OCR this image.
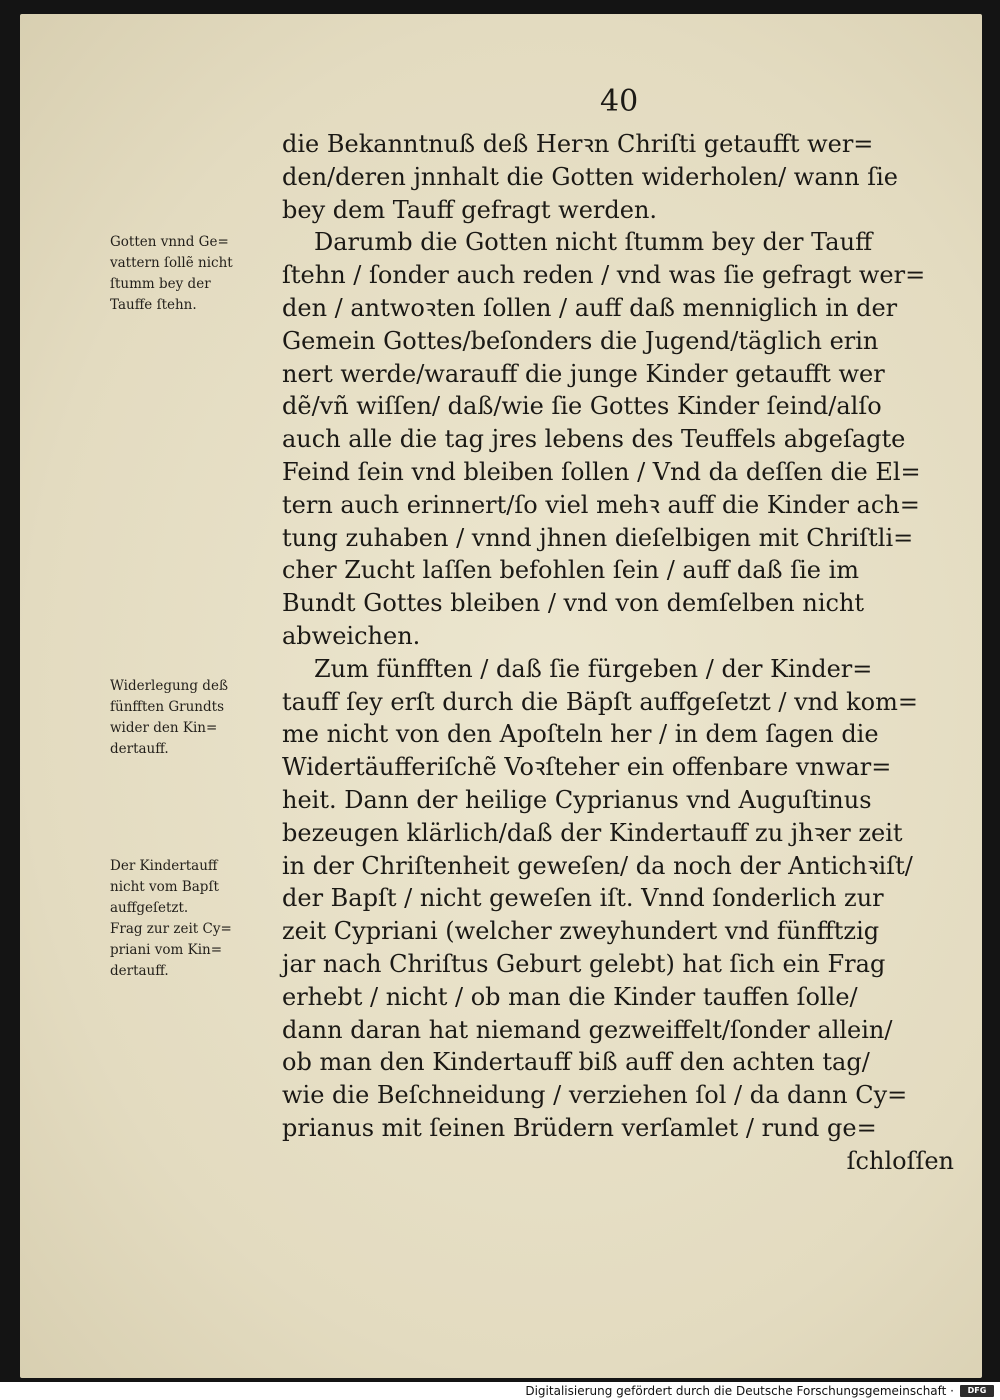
40
die Bekanntnuß deß Herꝛn Chriſti getaufft wer=
den/deren jnnhalt die Gotten widerholen/ wann ſie
bey dem Tauff gefragt werden.
Darumb die Gotten nicht ſtumm bey der Tauff
ſtehn / ſonder auch reden / vnd was ſie gefragt wer=
den / antwoꝛten ſollen / auff daß menniglich in der
Gemein Gottes/beſonders die Jugend/täglich erin
nert werde/warauff die junge Kinder getaufft wer
dẽ/vñ wiſſen/ daß/wie ſie Gottes Kinder ſeind/alſo
auch alle die tag jres lebens des Teuffels abgeſagte
Feind ſein vnd bleiben ſollen / Vnd da deſſen die El=
tern auch erinnert/ſo viel mehꝛ auff die Kinder ach=
tung zuhaben / vnnd jhnen dieſelbigen mit Chriſtli=
cher Zucht laſſen befohlen ſein / auff daß ſie im
Bundt Gottes bleiben / vnd von demſelben nicht
abweichen.
Zum fünfften / daß ſie fürgeben / der Kinder=
tauff ſey erſt durch die Bäpſt auffgeſetzt / vnd kom=
me nicht von den Apoſteln her / in dem ſagen die
Widertäufferiſchẽ Voꝛſteher ein offenbare vnwar=
heit. Dann der heilige Cyprianus vnd Auguſtinus
bezeugen klärlich/daß der Kindertauff zu jhꝛer zeit
in der Chriſtenheit geweſen/ da noch der Antichꝛiſt/
der Bapſt / nicht geweſen iſt. Vnnd ſonderlich zur
zeit Cypriani (welcher zweyhundert vnd fünfftzig
jar nach Chriſtus Geburt gelebt) hat ſich ein Frag
erhebt / nicht / ob man die Kinder tauffen ſolle/
dann daran hat niemand gezweiffelt/ſonder allein/
ob man den Kindertauff biß auff den achten tag/
wie die Beſchneidung / verziehen ſol / da dann Cy=
prianus mit ſeinen Brüdern verſamlet / rund ge=
ſchloſſen
Gotten vnnd Ge=
vattern ſollẽ nicht
ſtumm bey der
Tauffe ſtehn.
Widerlegung deß
fünfften Grundts
wider den Kin=
dertauff.
Der Kindertauff
nicht vom Bapſt
auffgeſetzt.
Frag zur zeit Cy=
priani vom Kin=
dertauff.
Digitalisierung gefördert durch die Deutsche Forschungsgemeinschaft ·	DFG
